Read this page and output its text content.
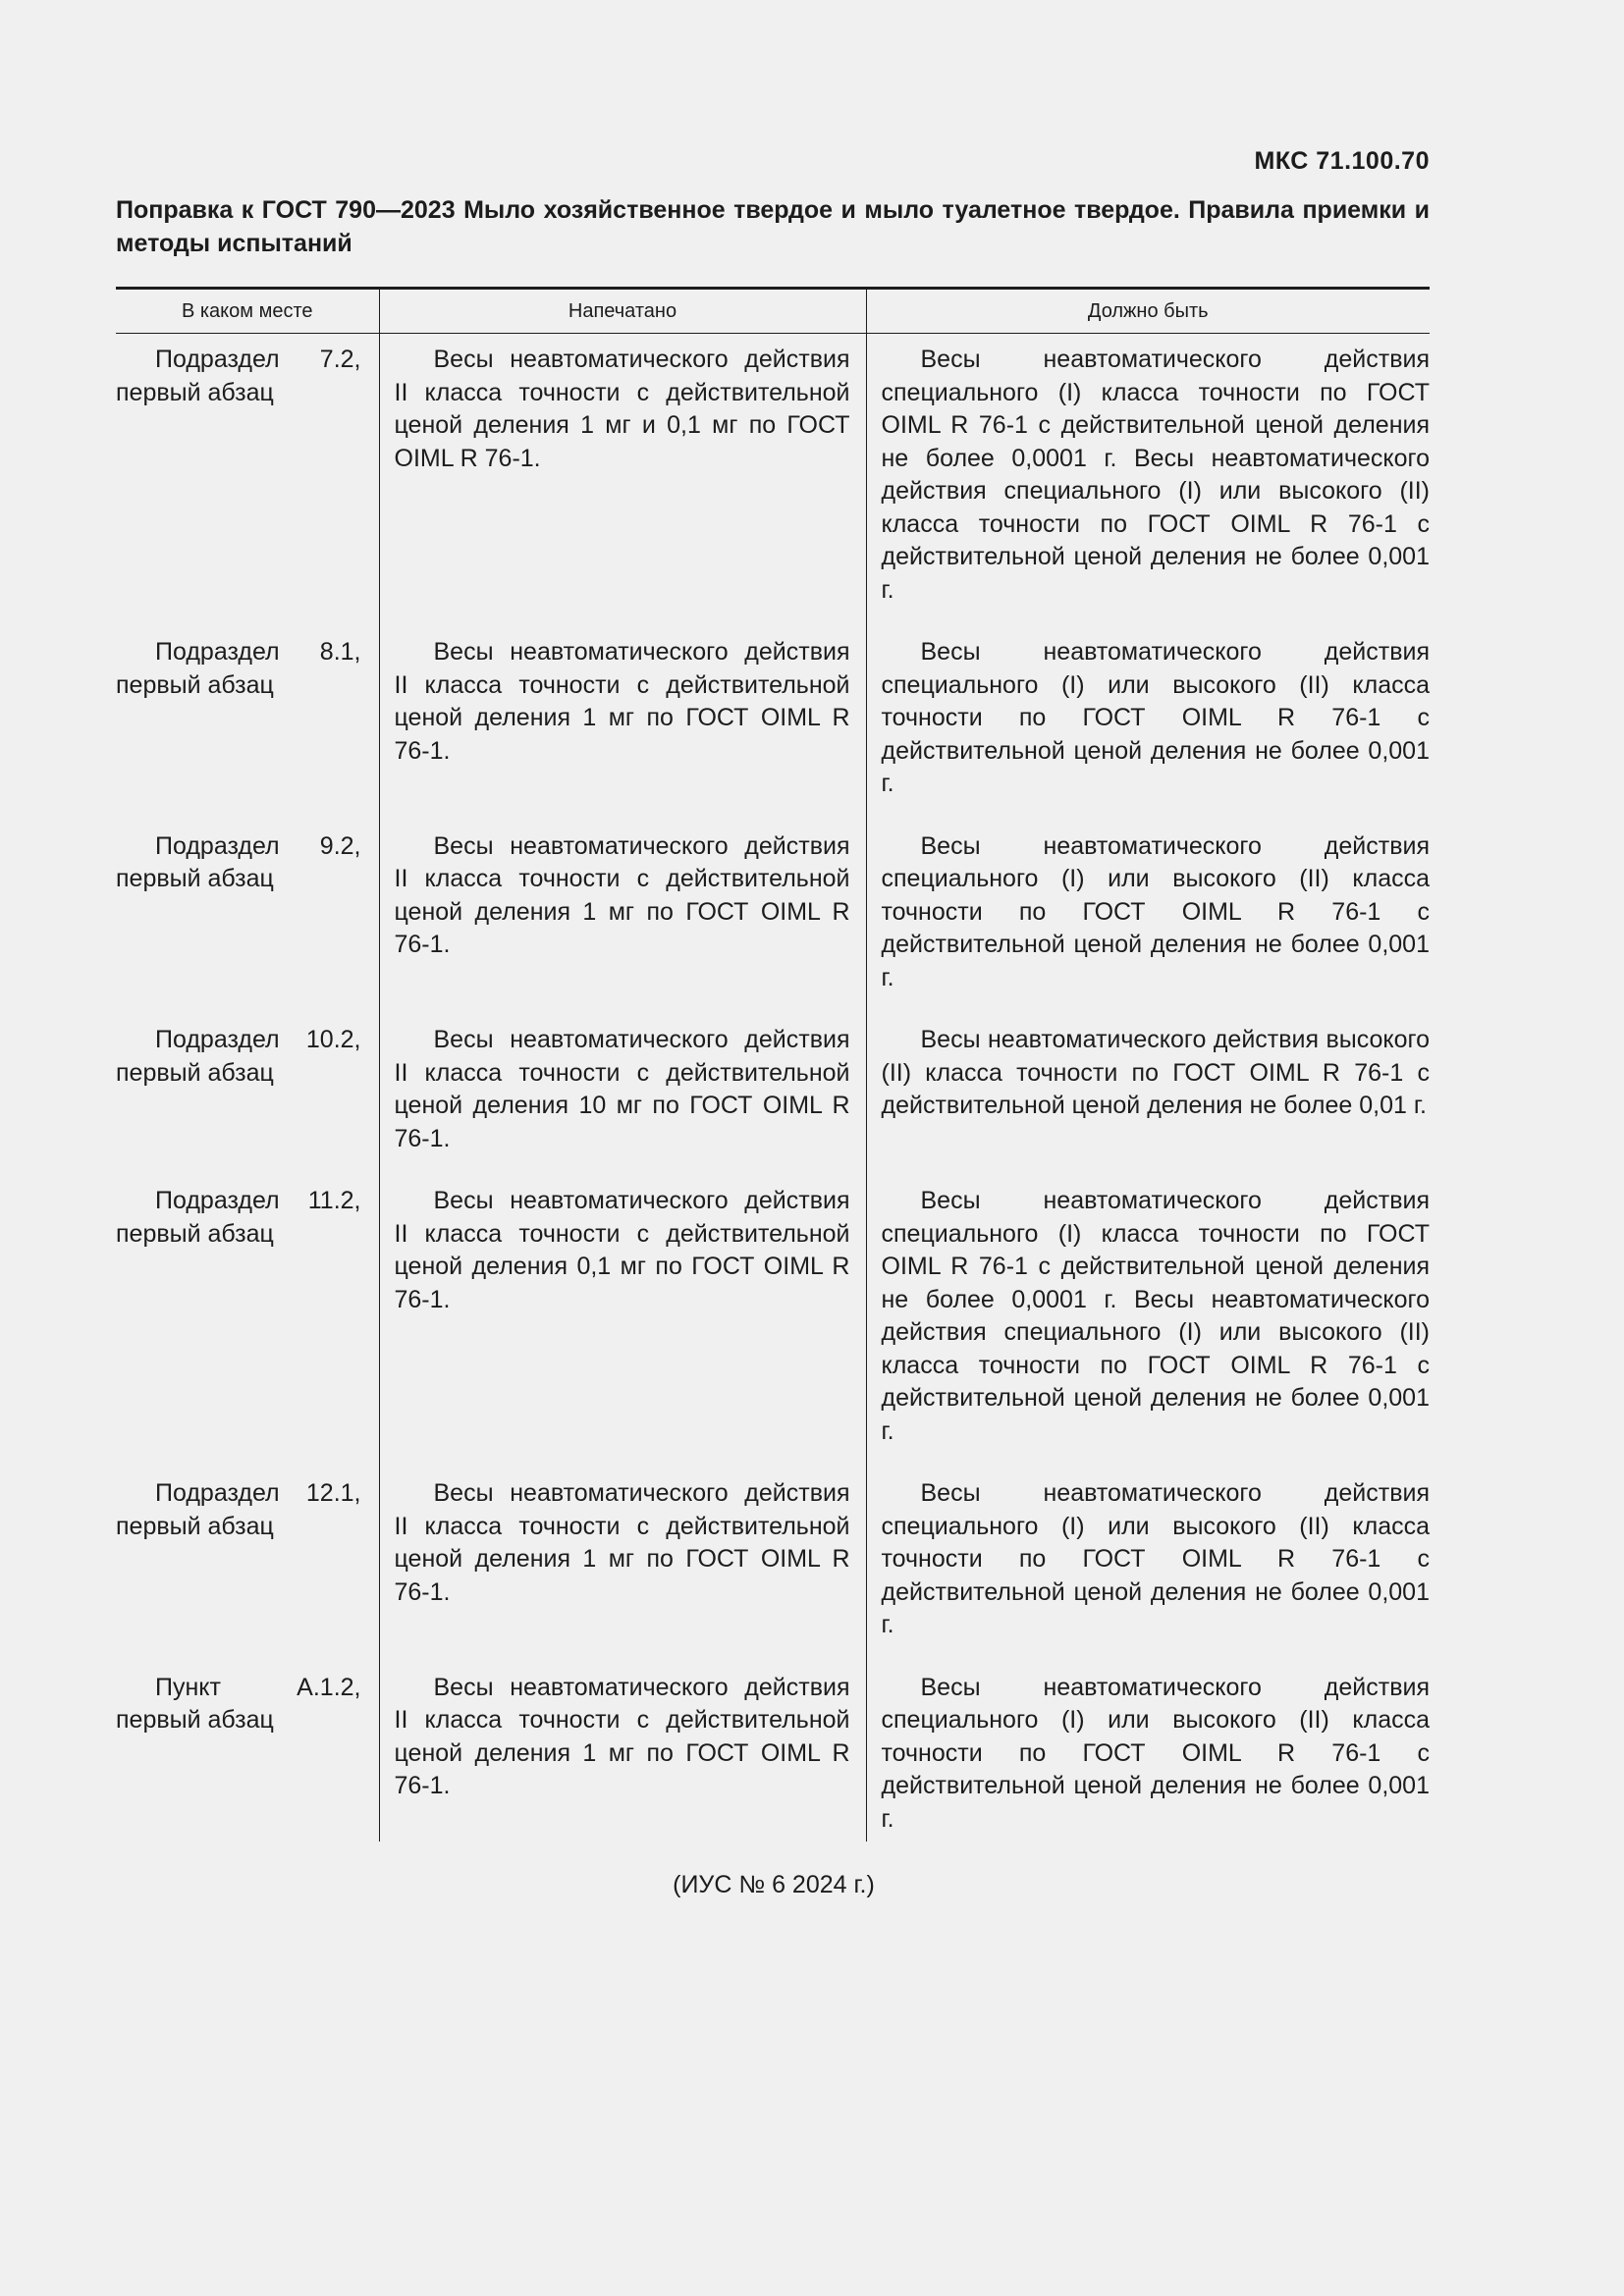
МКС 71.100.70
Поправка к ГОСТ 790—2023 Мыло хозяйственное твердое и мыло туалетное твердое. Правила приемки и методы испытаний
В каком месте	Напечатано	Должно быть

Подраздел 7.2, первый абзац	Весы неавтоматического действия II класса точности с действительной ценой деления 1 мг и 0,1 мг по ГОСТ OIML R 76-1.	Весы неавтоматического действия специального (I) класса точности по ГОСТ OIML R 76-1 с действительной ценой деления не более 0,0001 г. Весы неавтоматического действия специального (I) или высокого (II) класса точности по ГОСТ OIML R 76-1 с действительной ценой деления не более 0,001 г.

Подраздел 8.1, первый абзац	Весы неавтоматического действия II класса точности с действительной ценой деления 1 мг по ГОСТ OIML R 76-1.	Весы неавтоматического действия специального (I) или высокого (II) класса точности по ГОСТ OIML R 76-1 с действительной ценой деления не более 0,001 г.

Подраздел 9.2, первый абзац	Весы неавтоматического действия II класса точности с действительной ценой деления 1 мг по ГОСТ OIML R 76-1.	Весы неавтоматического действия специального (I) или высокого (II) класса точности по ГОСТ OIML R 76-1 с действительной ценой деления не более 0,001 г.

Подраздел 10.2, первый абзац	Весы неавтоматического действия II класса точности с действительной ценой деления 10 мг по ГОСТ OIML R 76-1.	Весы неавтоматического действия высокого (II) класса точности по ГОСТ OIML R 76-1 с действительной ценой деления не более 0,01 г.

Подраздел 11.2, первый абзац	Весы неавтоматического действия II класса точности с действительной ценой деления 0,1 мг по ГОСТ OIML R 76-1.	Весы неавтоматического действия специального (I) класса точности по ГОСТ OIML R 76-1 с действительной ценой деления не более 0,0001 г. Весы неавтоматического действия специального (I) или высокого (II) класса точности по ГОСТ OIML R 76-1 с действительной ценой деления не более 0,001 г.

Подраздел 12.1, первый абзац	Весы неавтоматического действия II класса точности с действительной ценой деления 1 мг по ГОСТ OIML R 76-1.	Весы неавтоматического действия специального (I) или высокого (II) класса точности по ГОСТ OIML R 76-1 с действительной ценой деления не более 0,001 г.

Пункт А.1.2, первый абзац	Весы неавтоматического действия II класса точности с действительной ценой деления 1 мг по ГОСТ OIML R 76-1.	Весы неавтоматического действия специального (I) или высокого (II) класса точности по ГОСТ OIML R 76-1 с действительной ценой деления не более 0,001 г.

(ИУС № 6 2024 г.)
